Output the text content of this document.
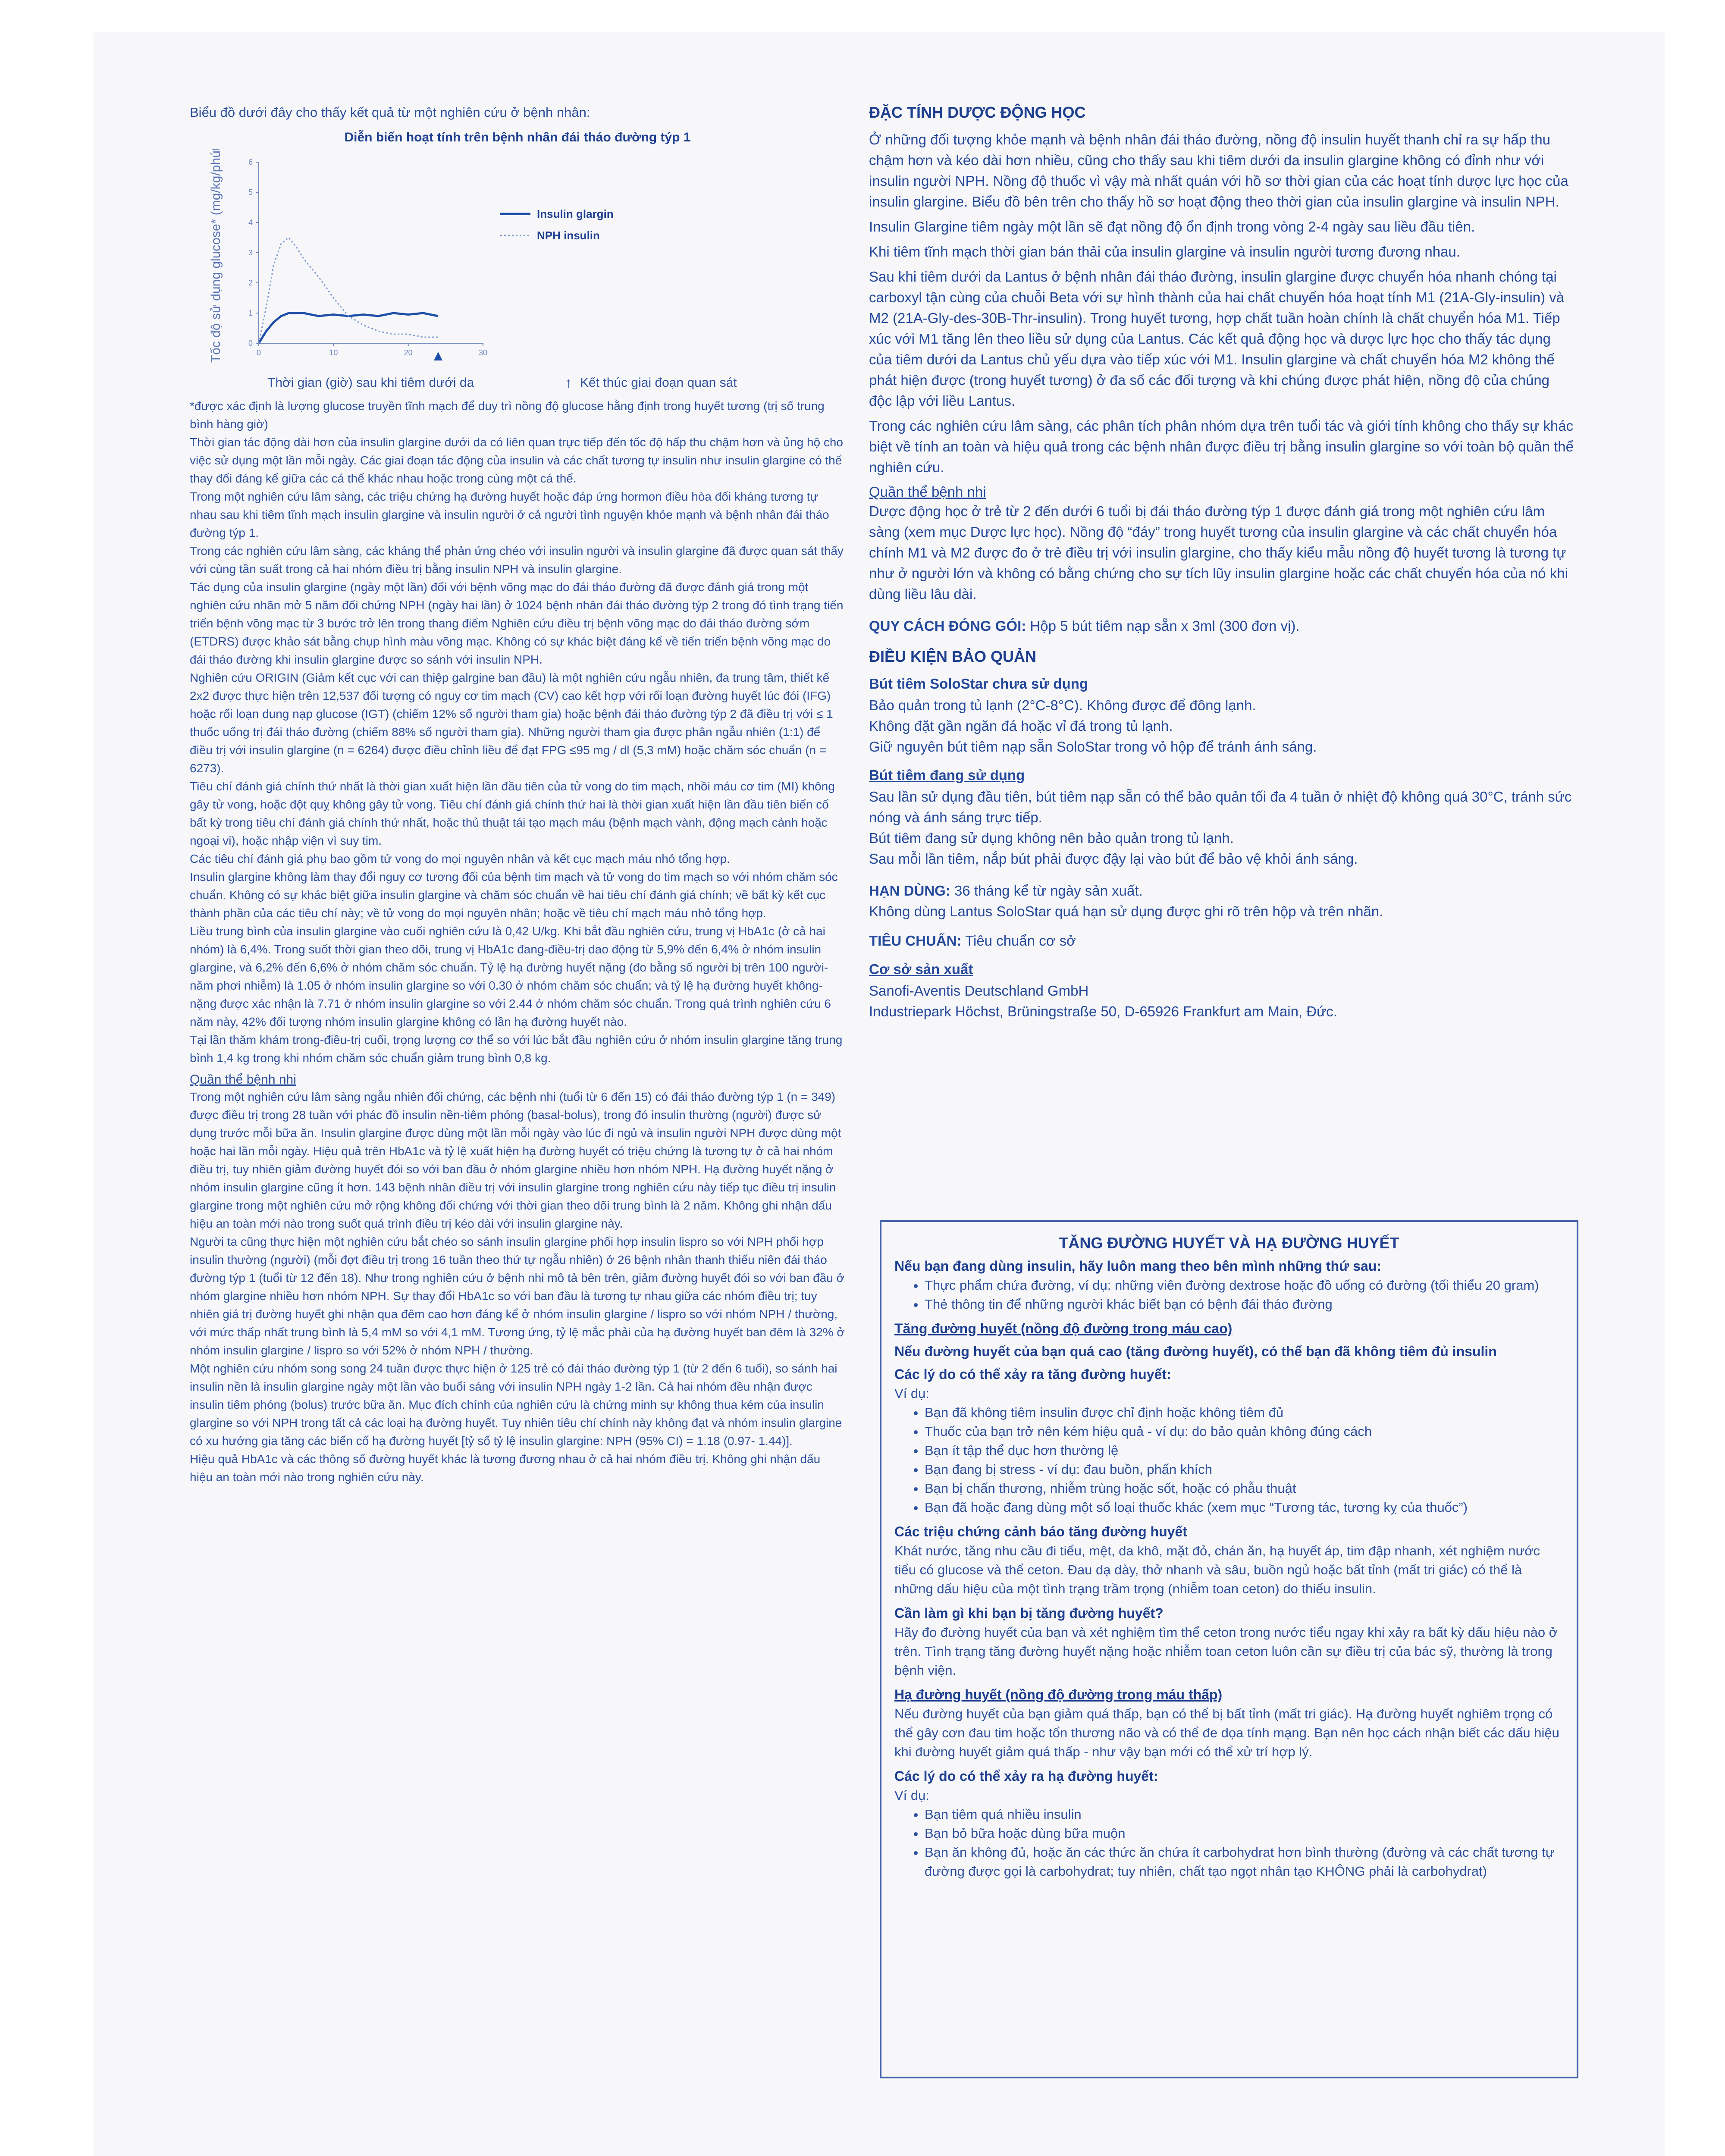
Biểu đồ dưới đây cho thấy kết quả từ một nghiên cứu ở bệnh nhân:

Diễn biến hoạt tính trên bệnh nhân đái tháo đường týp 1
0
1
2
3
4
5
6
0	10	20	30
Tốc độ sử dụng glucose* (mg/kg/phút)	Insulin glargin
NPH insulin
Thời gian (giờ) sau khi tiêm dưới da	↑ Kết thúc giai đoạn quan sát

*được xác định là lượng glucose truyền tĩnh mạch để duy trì nồng độ glucose hằng định trong huyết tương (trị số trung bình hàng giờ)

Thời gian tác động dài hơn của insulin glargine dưới da có liên quan trực tiếp đến tốc độ hấp thu chậm hơn và ủng hộ cho việc sử dụng một lần mỗi ngày. Các giai đoạn tác động của insulin và các chất tương tự insulin như insulin glargine có thể thay đổi đáng kể giữa các cá thể khác nhau hoặc trong cùng một cá thể.

Trong một nghiên cứu lâm sàng, các triệu chứng hạ đường huyết hoặc đáp ứng hormon điều hòa đối kháng tương tự nhau sau khi tiêm tĩnh mạch insulin glargine và insulin người ở cả người tình nguyện khỏe mạnh và bệnh nhân đái tháo đường týp 1.

Trong các nghiên cứu lâm sàng, các kháng thể phản ứng chéo với insulin người và insulin glargine đã được quan sát thấy với cùng tần suất trong cả hai nhóm điều trị bằng insulin NPH và insulin glargine.

Tác dụng của insulin glargine (ngày một lần) đối với bệnh võng mạc do đái tháo đường đã được đánh giá trong một nghiên cứu nhãn mở 5 năm đối chứng NPH (ngày hai lần) ở 1024 bệnh nhân đái tháo đường týp 2 trong đó tình trạng tiến triển bệnh võng mạc từ 3 bước trở lên trong thang điểm Nghiên cứu điều trị bệnh võng mạc do đái tháo đường sớm (ETDRS) được khảo sát bằng chụp hình màu võng mạc. Không có sự khác biệt đáng kể về tiến triển bệnh võng mạc do đái tháo đường khi insulin glargine được so sánh với insulin NPH.

Nghiên cứu ORIGIN (Giảm kết cục với can thiệp galrgine ban đầu) là một nghiên cứu ngẫu nhiên, đa trung tâm, thiết kế 2x2 được thực hiện trên 12,537 đối tượng có nguy cơ tim mạch (CV) cao kết hợp với rối loạn đường huyết lúc đói (IFG) hoặc rối loạn dung nạp glucose (IGT) (chiếm 12% số người tham gia) hoặc bệnh đái tháo đường týp 2 đã điều trị với ≤ 1 thuốc uống trị đái tháo đường (chiếm 88% số người tham gia). Những người tham gia được phân ngẫu nhiên (1:1) để điều trị với insulin glargine (n = 6264) được điều chỉnh liều để đạt FPG ≤95 mg / dl (5,3 mM) hoặc chăm sóc chuẩn (n = 6273).

Tiêu chí đánh giá chính thứ nhất là thời gian xuất hiện lần đầu tiên của tử vong do tim mạch, nhồi máu cơ tim (MI) không gây tử vong, hoặc đột quỵ không gây tử vong. Tiêu chí đánh giá chính thứ hai là thời gian xuất hiện lần đầu tiên biến cố bất kỳ trong tiêu chí đánh giá chính thứ nhất, hoặc thủ thuật tái tạo mạch máu (bệnh mạch vành, động mạch cảnh hoặc ngoại vi), hoặc nhập viện vì suy tim.

Các tiêu chí đánh giá phụ bao gồm tử vong do mọi nguyên nhân và kết cục mạch máu nhỏ tổng hợp.

Insulin glargine không làm thay đổi nguy cơ tương đối của bệnh tim mạch và tử vong do tim mạch so với nhóm chăm sóc chuẩn. Không có sự khác biệt giữa insulin glargine và chăm sóc chuẩn về hai tiêu chí đánh giá chính; về bất kỳ kết cục thành phần của các tiêu chí này; về tử vong do mọi nguyên nhân; hoặc về tiêu chí mạch máu nhỏ tổng hợp.

Liều trung bình của insulin glargine vào cuối nghiên cứu là 0,42 U/kg. Khi bắt đầu nghiên cứu, trung vị HbA1c (ở cả hai nhóm) là 6,4%. Trong suốt thời gian theo dõi, trung vị HbA1c đang-điều-trị dao động từ 5,9% đến 6,4% ở nhóm insulin glargine, và 6,2% đến 6,6% ở nhóm chăm sóc chuẩn. Tỷ lệ hạ đường huyết nặng (đo bằng số người bị trên 100 người-năm phơi nhiễm) là 1.05 ở nhóm insulin glargine so với 0.30 ở nhóm chăm sóc chuẩn; và tỷ lệ hạ đường huyết không-nặng được xác nhận là 7.71 ở nhóm insulin glargine so với 2.44 ở nhóm chăm sóc chuẩn. Trong quá trình nghiên cứu 6 năm này, 42% đối tượng nhóm insulin glargine không có lần hạ đường huyết nào.

Tại lần thăm khám trong-điều-trị cuối, trọng lượng cơ thể so với lúc bắt đầu nghiên cứu ở nhóm insulin glargine tăng trung bình 1,4 kg trong khi nhóm chăm sóc chuẩn giảm trung bình 0,8 kg.

Quần thể bệnh nhi

Trong một nghiên cứu lâm sàng ngẫu nhiên đối chứng, các bệnh nhi (tuổi từ 6 đến 15) có đái tháo đường týp 1 (n = 349) được điều trị trong 28 tuần với phác đồ insulin nền-tiêm phóng (basal-bolus), trong đó insulin thường (người) được sử dụng trước mỗi bữa ăn. Insulin glargine được dùng một lần mỗi ngày vào lúc đi ngủ và insulin người NPH được dùng một hoặc hai lần mỗi ngày. Hiệu quả trên HbA1c và tỷ lệ xuất hiện hạ đường huyết có triệu chứng là tương tự ở cả hai nhóm điều trị, tuy nhiên giảm đường huyết đói so với ban đầu ở nhóm glargine nhiều hơn nhóm NPH. Hạ đường huyết nặng ở nhóm insulin glargine cũng ít hơn. 143 bệnh nhân điều trị với insulin glargine trong nghiên cứu này tiếp tục điều trị insulin glargine trong một nghiên cứu mở rộng không đối chứng với thời gian theo dõi trung bình là 2 năm. Không ghi nhận dấu hiệu an toàn mới nào trong suốt quá trình điều trị kéo dài với insulin glargine này.

Người ta cũng thực hiện một nghiên cứu bắt chéo so sánh insulin glargine phối hợp insulin lispro so với NPH phối hợp insulin thường (người) (mỗi đợt điều trị trong 16 tuần theo thứ tự ngẫu nhiên) ở 26 bệnh nhân thanh thiếu niên đái tháo đường týp 1 (tuổi từ 12 đến 18). Như trong nghiên cứu ở bệnh nhi mô tả bên trên, giảm đường huyết đói so với ban đầu ở nhóm glargine nhiều hơn nhóm NPH. Sự thay đổi HbA1c so với ban đầu là tương tự nhau giữa các nhóm điều trị; tuy nhiên giá trị đường huyết ghi nhận qua đêm cao hơn đáng kể ở nhóm insulin glargine / lispro so với nhóm NPH / thường, với mức thấp nhất trung bình là 5,4 mM so với 4,1 mM. Tương ứng, tỷ lệ mắc phải của hạ đường huyết ban đêm là 32% ở nhóm insulin glargine / lispro so với 52% ở nhóm NPH / thường.

Một nghiên cứu nhóm song song 24 tuần được thực hiện ở 125 trẻ có đái tháo đường týp 1 (từ 2 đến 6 tuổi), so sánh hai insulin nền là insulin glargine ngày một lần vào buổi sáng với insulin NPH ngày 1-2 lần. Cả hai nhóm đều nhận được insulin tiêm phóng (bolus) trước bữa ăn. Mục đích chính của nghiên cứu là chứng minh sự không thua kém của insulin glargine so với NPH trong tất cả các loại hạ đường huyết. Tuy nhiên tiêu chí chính này không đạt và nhóm insulin glargine có xu hướng gia tăng các biến cố hạ đường huyết [tỷ số tỷ lệ insulin glargine: NPH (95% CI) = 1.18 (0.97- 1.44)].

Hiệu quả HbA1c và các thông số đường huyết khác là tương đương nhau ở cả hai nhóm điều trị. Không ghi nhận dấu hiệu an toàn mới nào trong nghiên cứu này.

ĐẶC TÍNH DƯỢC ĐỘNG HỌC

Ở những đối tượng khỏe mạnh và bệnh nhân đái tháo đường, nồng độ insulin huyết thanh chỉ ra sự hấp thu chậm hơn và kéo dài hơn nhiều, cũng cho thấy sau khi tiêm dưới da insulin glargine không có đỉnh như với insulin người NPH. Nồng độ thuốc vì vậy mà nhất quán với hồ sơ thời gian của các hoạt tính dược lực học của insulin glargine. Biểu đồ bên trên cho thấy hồ sơ hoạt động theo thời gian của insulin glargine và insulin NPH.

Insulin Glargine tiêm ngày một lần sẽ đạt nồng độ ổn định trong vòng 2-4 ngày sau liều đầu tiên.

Khi tiêm tĩnh mạch thời gian bán thải của insulin glargine và insulin người tương đương nhau.

Sau khi tiêm dưới da Lantus ở bệnh nhân đái tháo đường, insulin glargine được chuyển hóa nhanh chóng tại carboxyl tận cùng của chuỗi Beta với sự hình thành của hai chất chuyển hóa hoạt tính M1 (21A-Gly-insulin) và M2 (21A-Gly-des-30B-Thr-insulin). Trong huyết tương, hợp chất tuần hoàn chính là chất chuyển hóa M1. Tiếp xúc với M1 tăng lên theo liều sử dụng của Lantus. Các kết quả động học và dược lực học cho thấy tác dụng của tiêm dưới da Lantus chủ yếu dựa vào tiếp xúc với M1. Insulin glargine và chất chuyển hóa M2 không thể phát hiện được (trong huyết tương) ở đa số các đối tượng và khi chúng được phát hiện, nồng độ của chúng độc lập với liều Lantus.

Trong các nghiên cứu lâm sàng, các phân tích phân nhóm dựa trên tuổi tác và giới tính không cho thấy sự khác biệt về tính an toàn và hiệu quả trong các bệnh nhân được điều trị bằng insulin glargine so với toàn bộ quần thể nghiên cứu.

Quần thể bệnh nhi

Dược động học ở trẻ từ 2 đến dưới 6 tuổi bị đái tháo đường týp 1 được đánh giá trong một nghiên cứu lâm sàng (xem mục Dược lực học). Nồng độ “đáy” trong huyết tương của insulin glargine và các chất chuyển hóa chính M1 và M2 được đo ở trẻ điều trị với insulin glargine, cho thấy kiểu mẫu nồng độ huyết tương là tương tự như ở người lớn và không có bằng chứng cho sự tích lũy insulin glargine hoặc các chất chuyển hóa của nó khi dùng liều lâu dài.

QUY CÁCH ĐÓNG GÓI: Hộp 5 bút tiêm nạp sẵn x 3ml (300 đơn vị).

ĐIỀU KIỆN BẢO QUẢN

Bút tiêm SoloStar chưa sử dụng

Bảo quản trong tủ lạnh (2°C-8°C). Không được để đông lạnh.

Không đặt gần ngăn đá hoặc vỉ đá trong tủ lạnh.

Giữ nguyên bút tiêm nạp sẵn SoloStar trong vỏ hộp để tránh ánh sáng.

Bút tiêm đang sử dụng

Sau lần sử dụng đầu tiên, bút tiêm nạp sẵn có thể bảo quản tối đa 4 tuần ở nhiệt độ không quá 30°C, tránh sức nóng và ánh sáng trực tiếp.

Bút tiêm đang sử dụng không nên bảo quản trong tủ lạnh.

Sau mỗi lần tiêm, nắp bút phải được đậy lại vào bút để bảo vệ khỏi ánh sáng.

HẠN DÙNG: 36 tháng kể từ ngày sản xuất.

Không dùng Lantus SoloStar quá hạn sử dụng được ghi rõ trên hộp và trên nhãn.

TIÊU CHUẨN: Tiêu chuẩn cơ sở

Cơ sở sản xuất

Sanofi-Aventis Deutschland GmbH

Industriepark Höchst, Brüningstraße 50, D-65926 Frankfurt am Main, Đức.

TĂNG ĐƯỜNG HUYẾT VÀ HẠ ĐƯỜNG HUYẾT

Nếu bạn đang dùng insulin, hãy luôn mang theo bên mình những thứ sau:

• Thực phẩm chứa đường, ví dụ: những viên đường dextrose hoặc đồ uống có đường (tối thiểu 20 gram)
• Thẻ thông tin để những người khác biết bạn có bệnh đái tháo đường

Tăng đường huyết (nồng độ đường trong máu cao)

Nếu đường huyết của bạn quá cao (tăng đường huyết), có thể bạn đã không tiêm đủ insulin

Các lý do có thể xảy ra tăng đường huyết:

Ví dụ:

• Bạn đã không tiêm insulin được chỉ định hoặc không tiêm đủ
• Thuốc của bạn trở nên kém hiệu quả - ví dụ: do bảo quản không đúng cách
• Bạn ít tập thể dục hơn thường lệ
• Bạn đang bị stress - ví dụ: đau buồn, phấn khích
• Bạn bị chấn thương, nhiễm trùng hoặc sốt, hoặc có phẫu thuật
• Bạn đã hoặc đang dùng một số loại thuốc khác (xem mục “Tương tác, tương kỵ của thuốc”)

Các triệu chứng cảnh báo tăng đường huyết

Khát nước, tăng nhu cầu đi tiểu, mệt, da khô, mặt đỏ, chán ăn, hạ huyết áp, tim đập nhanh, xét nghiệm nước tiểu có glucose và thể ceton. Đau dạ dày, thở nhanh và sâu, buồn ngủ hoặc bất tỉnh (mất tri giác) có thể là những dấu hiệu của một tình trạng trầm trọng (nhiễm toan ceton) do thiếu insulin.

Cần làm gì khi bạn bị tăng đường huyết?

Hãy đo đường huyết của bạn và xét nghiệm tìm thể ceton trong nước tiểu ngay khi xảy ra bất kỳ dấu hiệu nào ở trên. Tình trạng tăng đường huyết nặng hoặc nhiễm toan ceton luôn cần sự điều trị của bác sỹ, thường là trong bệnh viện.

Hạ đường huyết (nồng độ đường trong máu thấp)

Nếu đường huyết của bạn giảm quá thấp, bạn có thể bị bất tỉnh (mất tri giác). Hạ đường huyết nghiêm trọng có thể gây cơn đau tim hoặc tổn thương não và có thể đe dọa tính mạng. Bạn nên học cách nhận biết các dấu hiệu khi đường huyết giảm quá thấp - như vậy bạn mới có thể xử trí hợp lý.

Các lý do có thể xảy ra hạ đường huyết:

Ví dụ:

• Bạn tiêm quá nhiều insulin
• Bạn bỏ bữa hoặc dùng bữa muộn
• Bạn ăn không đủ, hoặc ăn các thức ăn chứa ít carbohydrat hơn bình thường (đường và các chất tương tự đường được gọi là carbohydrat; tuy nhiên, chất tạo ngọt nhân tạo KHÔNG phải là carbohydrat)
